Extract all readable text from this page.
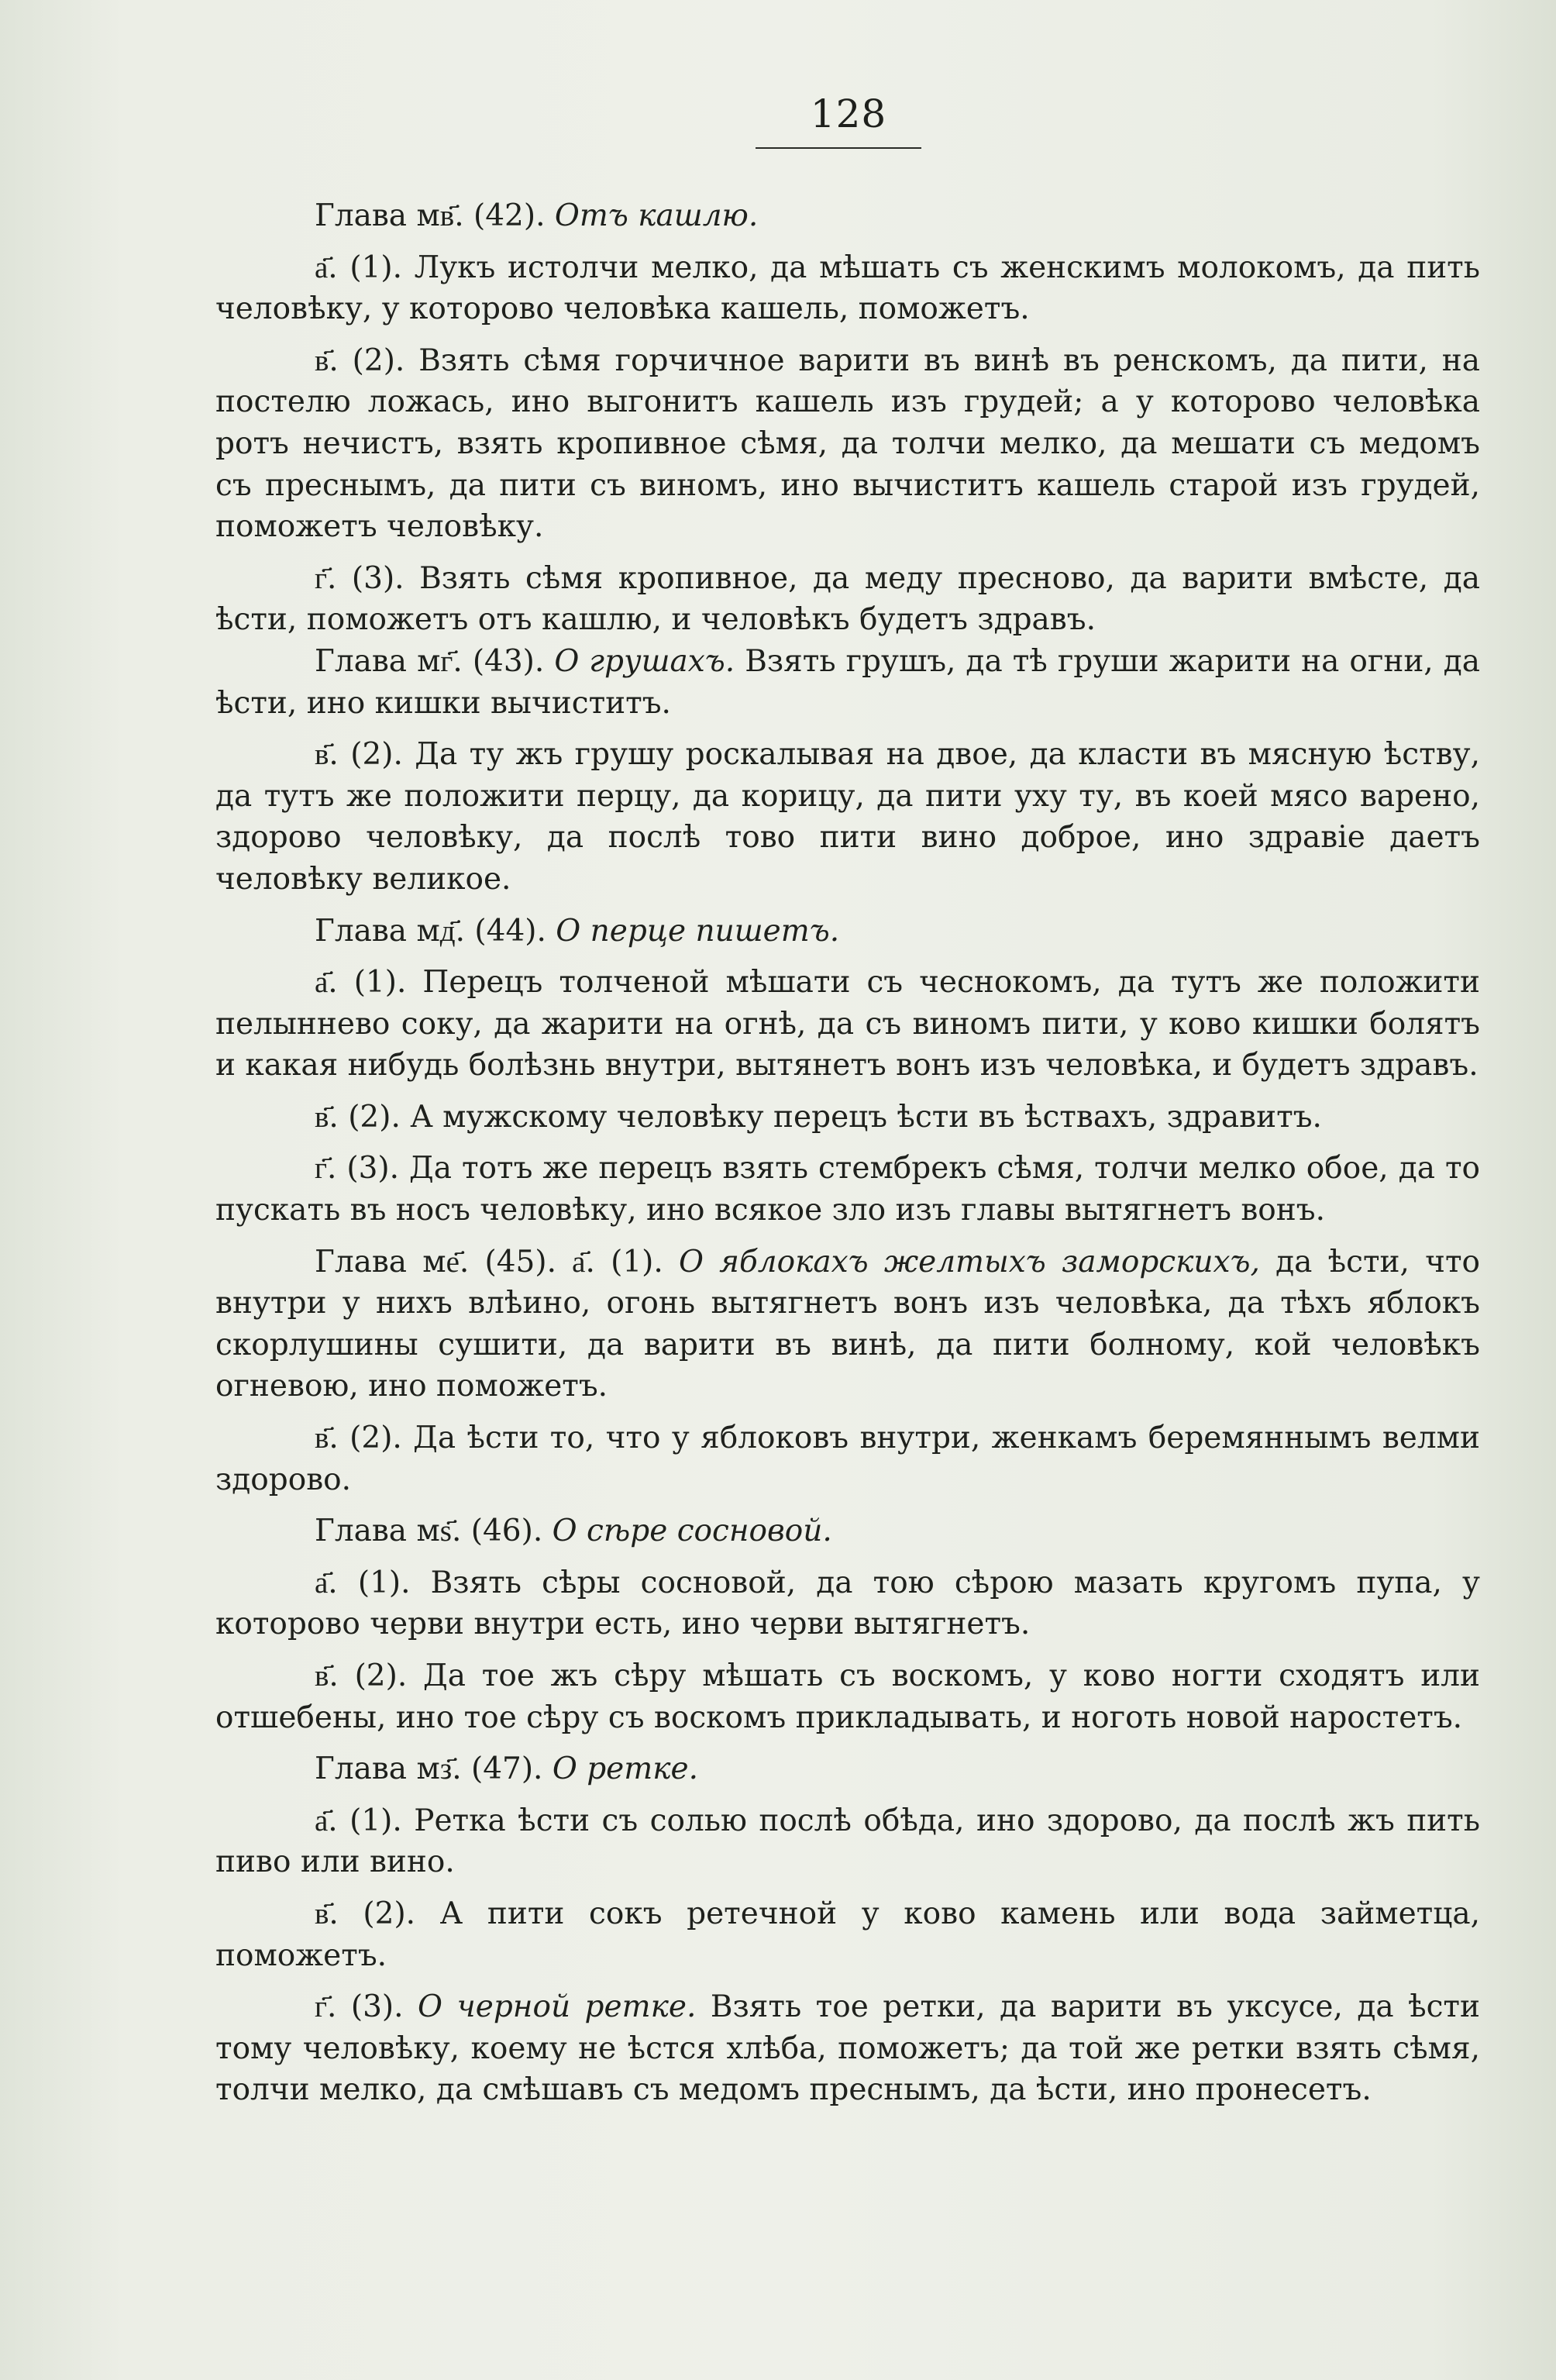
128

Глава мв҃. (42). Отъ кашлю.

а҃. (1). Лукъ истолчи мелко, да мѣшать съ женскимъ молокомъ, да пить человѣку, у которово человѣка кашель, поможетъ.

в҃. (2). Взять сѣмя горчичное варити въ винѣ въ ренскомъ, да пити, на постелю ложась, ино выгонитъ кашель изъ грудей; а у которово человѣка ротъ нечистъ, взять кропивное сѣмя, да толчи мелко, да мешати съ медомъ съ преснымъ, да пити съ виномъ, ино вычиститъ кашель старой изъ грудей, поможетъ человѣку.

г҃. (3). Взять сѣмя кропивное, да меду пресново, да варити вмѣсте, да ѣсти, поможетъ отъ кашлю, и человѣкъ будетъ здравъ.

Глава мг҃. (43). О грушахъ. Взять грушъ, да тѣ груши жарити на огни, да ѣсти, ино кишки вычиститъ.

в҃. (2). Да ту жъ грушу роскалывая на двое, да класти въ мясную ѣству, да тутъ же положити перцу, да корицу, да пити уху ту, въ коей мясо варено, здорово человѣку, да послѣ тово пити вино доброе, ино здравіе даетъ человѣку великое.

Глава мд҃. (44). О перце пишетъ.

а҃. (1). Перецъ толченой мѣшати съ чеснокомъ, да тутъ же положити пелыннево соку, да жарити на огнѣ, да съ виномъ пити, у ково кишки болятъ и какая нибудь болѣзнь внутри, вытянетъ вонъ изъ человѣка, и будетъ здравъ.

в҃. (2). А мужскому человѣку перецъ ѣсти въ ѣствахъ, здравитъ.

г҃. (3). Да тотъ же перецъ взять стембрекъ сѣмя, толчи мелко обое, да то пускать въ носъ человѣку, ино всякое зло изъ главы вытягнетъ вонъ.

Глава ме҃. (45). а҃. (1). О яблокахъ желтыхъ заморскихъ, да ѣсти, что внутри у нихъ влѣино, огонь вытягнетъ вонъ изъ человѣка, да тѣхъ яблокъ скорлушины сушити, да варити въ винѣ, да пити болному, кой человѣкъ огневою, ино поможетъ.

в҃. (2). Да ѣсти то, что у яблоковъ внутри, женкамъ беремяннымъ велми здорово.

Глава мѕ҃. (46). О сѣре сосновой.

а҃. (1). Взять сѣры сосновой, да тою сѣрою мазать кругомъ пупа, у которово черви внутри есть, ино черви вытягнетъ.

в҃. (2). Да тое жъ сѣру мѣшать съ воскомъ, у ково ногти сходятъ или отшебены, ино тое сѣру съ воскомъ прикладывать, и ноготь новой наростетъ.

Глава мз҃. (47). О ретке.

а҃. (1). Ретка ѣсти съ солью послѣ обѣда, ино здорово, да послѣ жъ пить пиво или вино.

в҃. (2). А пити сокъ ретечной у ково камень или вода займетца, поможетъ.

г҃. (3). О черной ретке. Взять тое ретки, да варити въ уксусе, да ѣсти тому человѣку, коему не ѣстся хлѣба, поможетъ; да той же ретки взять сѣмя, толчи мелко, да смѣшавъ съ медомъ преснымъ, да ѣсти, ино пронесетъ.
